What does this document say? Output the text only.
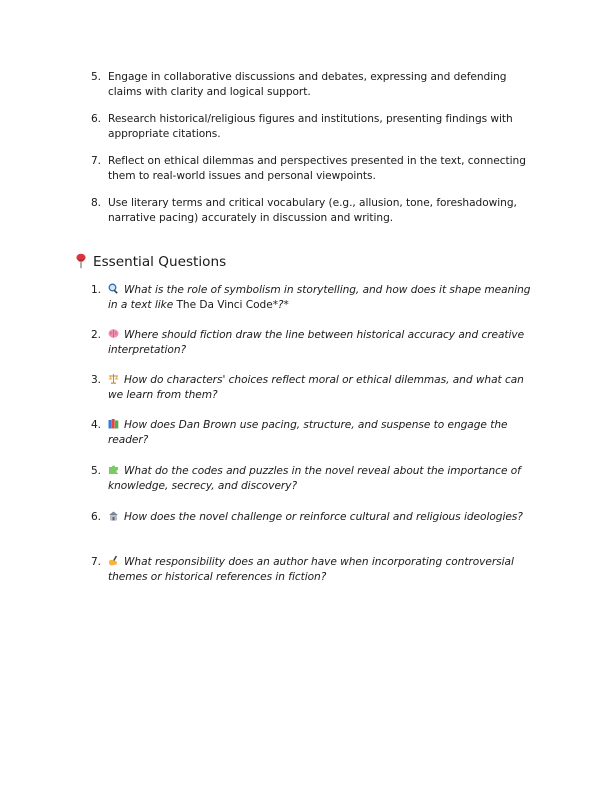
5. Engage in collaborative discussions and debates, expressing and defending claims with clarity and logical support.
6. Research historical/religious figures and institutions, presenting findings with appropriate citations.
7. Reflect on ethical dilemmas and perspectives presented in the text, connecting them to real-world issues and personal viewpoints.
8. Use literary terms and critical vocabulary (e.g., allusion, tone, foreshadowing, narrative pacing) accurately in discussion and writing.
Essential Questions
1.	What is the role of symbolism in storytelling, and how does it shape meaning in a text like The Da Vinci Code*?*
2.	Where should fiction draw the line between historical accuracy and creative interpretation?
3.	How do characters' choices reflect moral or ethical dilemmas, and what can we learn from them?
4.	How does Dan Brown use pacing, structure, and suspense to engage the reader?
5.	What do the codes and puzzles in the novel reveal about the importance of knowledge, secrecy, and discovery?
6.	How does the novel challenge or reinforce cultural and religious ideologies?
7.	What responsibility does an author have when incorporating controversial themes or historical references in fiction?
